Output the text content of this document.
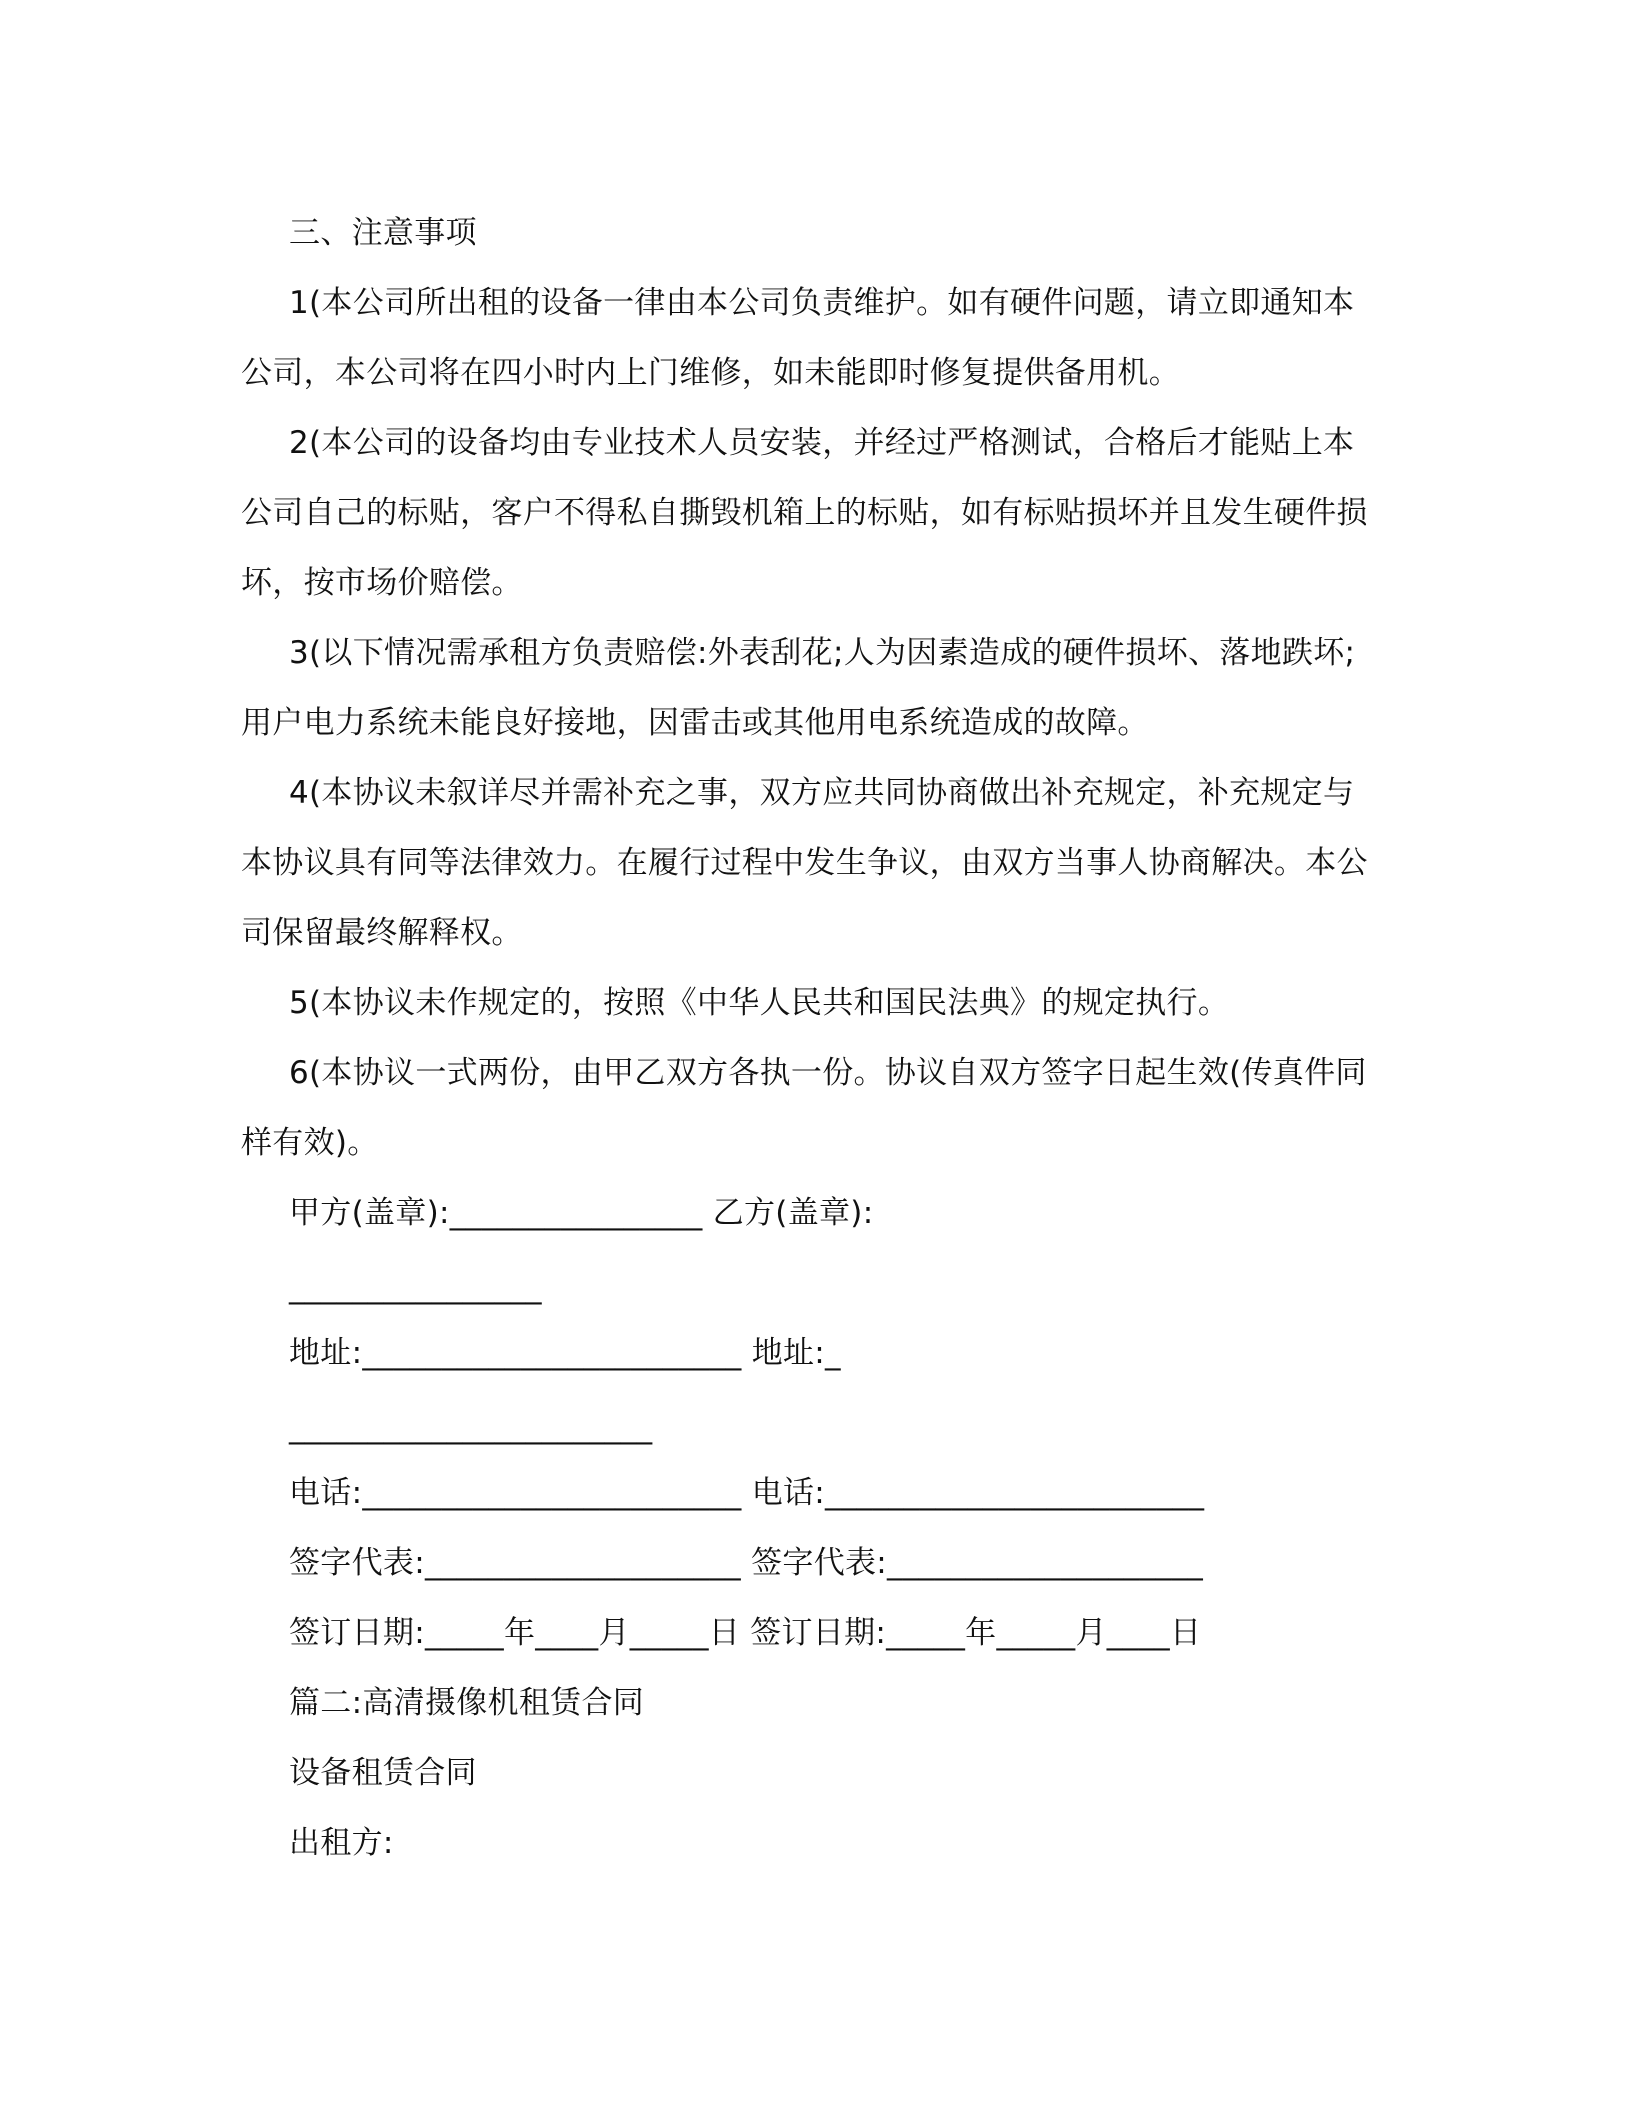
三、注意事项

1(本公司所出租的设备一律由本公司负责维护。如有硬件问题，请立即通知本公司，本公司将在四小时内上门维修，如未能即时修复提供备用机。

2(本公司的设备均由专业技术人员安装，并经过严格测试，合格后才能贴上本公司自己的标贴，客户不得私自撕毁机箱上的标贴，如有标贴损坏并且发生硬件损坏，按市场价赔偿。

3(以下情况需承租方负责赔偿:外表刮花;人为因素造成的硬件损坏、落地跌坏;用户电力系统未能良好接地，因雷击或其他用电系统造成的故障。

4(本协议未叙详尽并需补充之事，双方应共同协商做出补充规定，补充规定与本协议具有同等法律效力。在履行过程中发生争议，由双方当事人协商解决。本公司保留最终解释权。

5(本协议未作规定的，按照《中华人民共和国民法典》的规定执行。

6(本协议一式两份，由甲乙双方各执一份。协议自双方签字日起生效(传真件同样有效)。

甲方(盖章):________________ 乙方(盖章):
________________
地址:________________________ 地址:_
_______________________
电话:________________________ 电话:________________________
签字代表:____________________ 签字代表:____________________
签订日期:_____年____月_____日 签订日期:_____年_____月____日
篇二:高清摄像机租赁合同
设备租赁合同
出租方:
